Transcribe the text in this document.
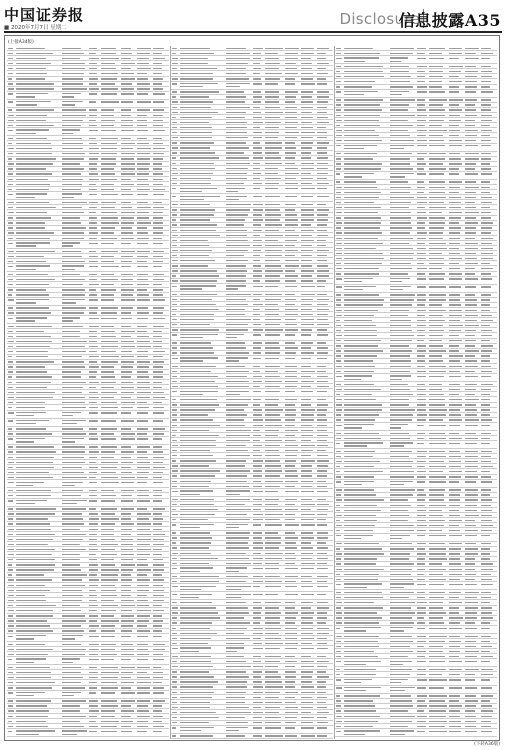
中国证券报
■ 2020年7月7日 星期二	Disclosure
信息披露A35
(上接A34版)
(下转A36版)
